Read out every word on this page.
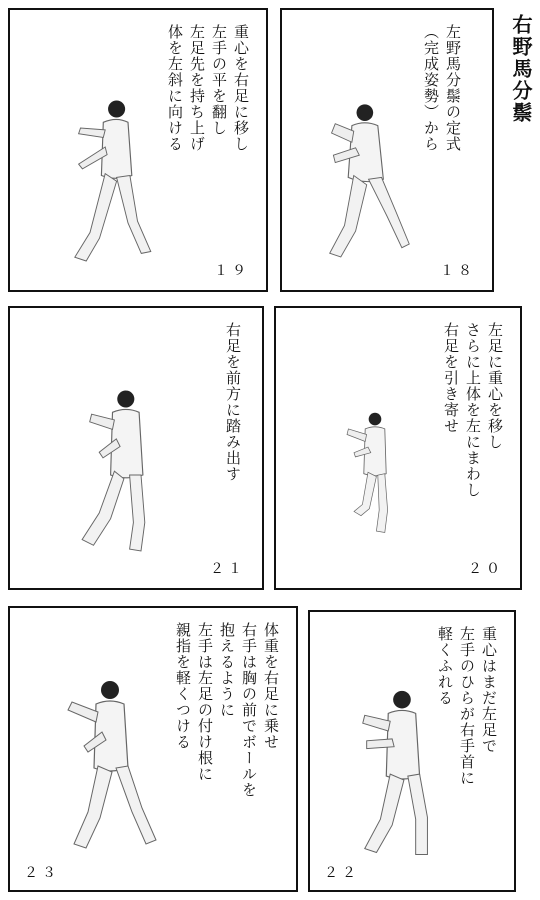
右野馬分鬃
重心を右足に移し
左手の平を翻し
左足先を持ち上げ
体を左斜に向ける
１９
左野馬分鬃の定式
（完成姿勢）から
１８
右足を前方に踏み出す
２１
左足に重心を移し
さらに上体を左にまわし
右足を引き寄せ
２０
体重を右足に乗せ
右手は胸の前でボールを
抱えるように
左手は左足の付け根に
親指を軽くつける
２３
重心はまだ左足で
左手のひらが右手首に
軽くふれる
２２
